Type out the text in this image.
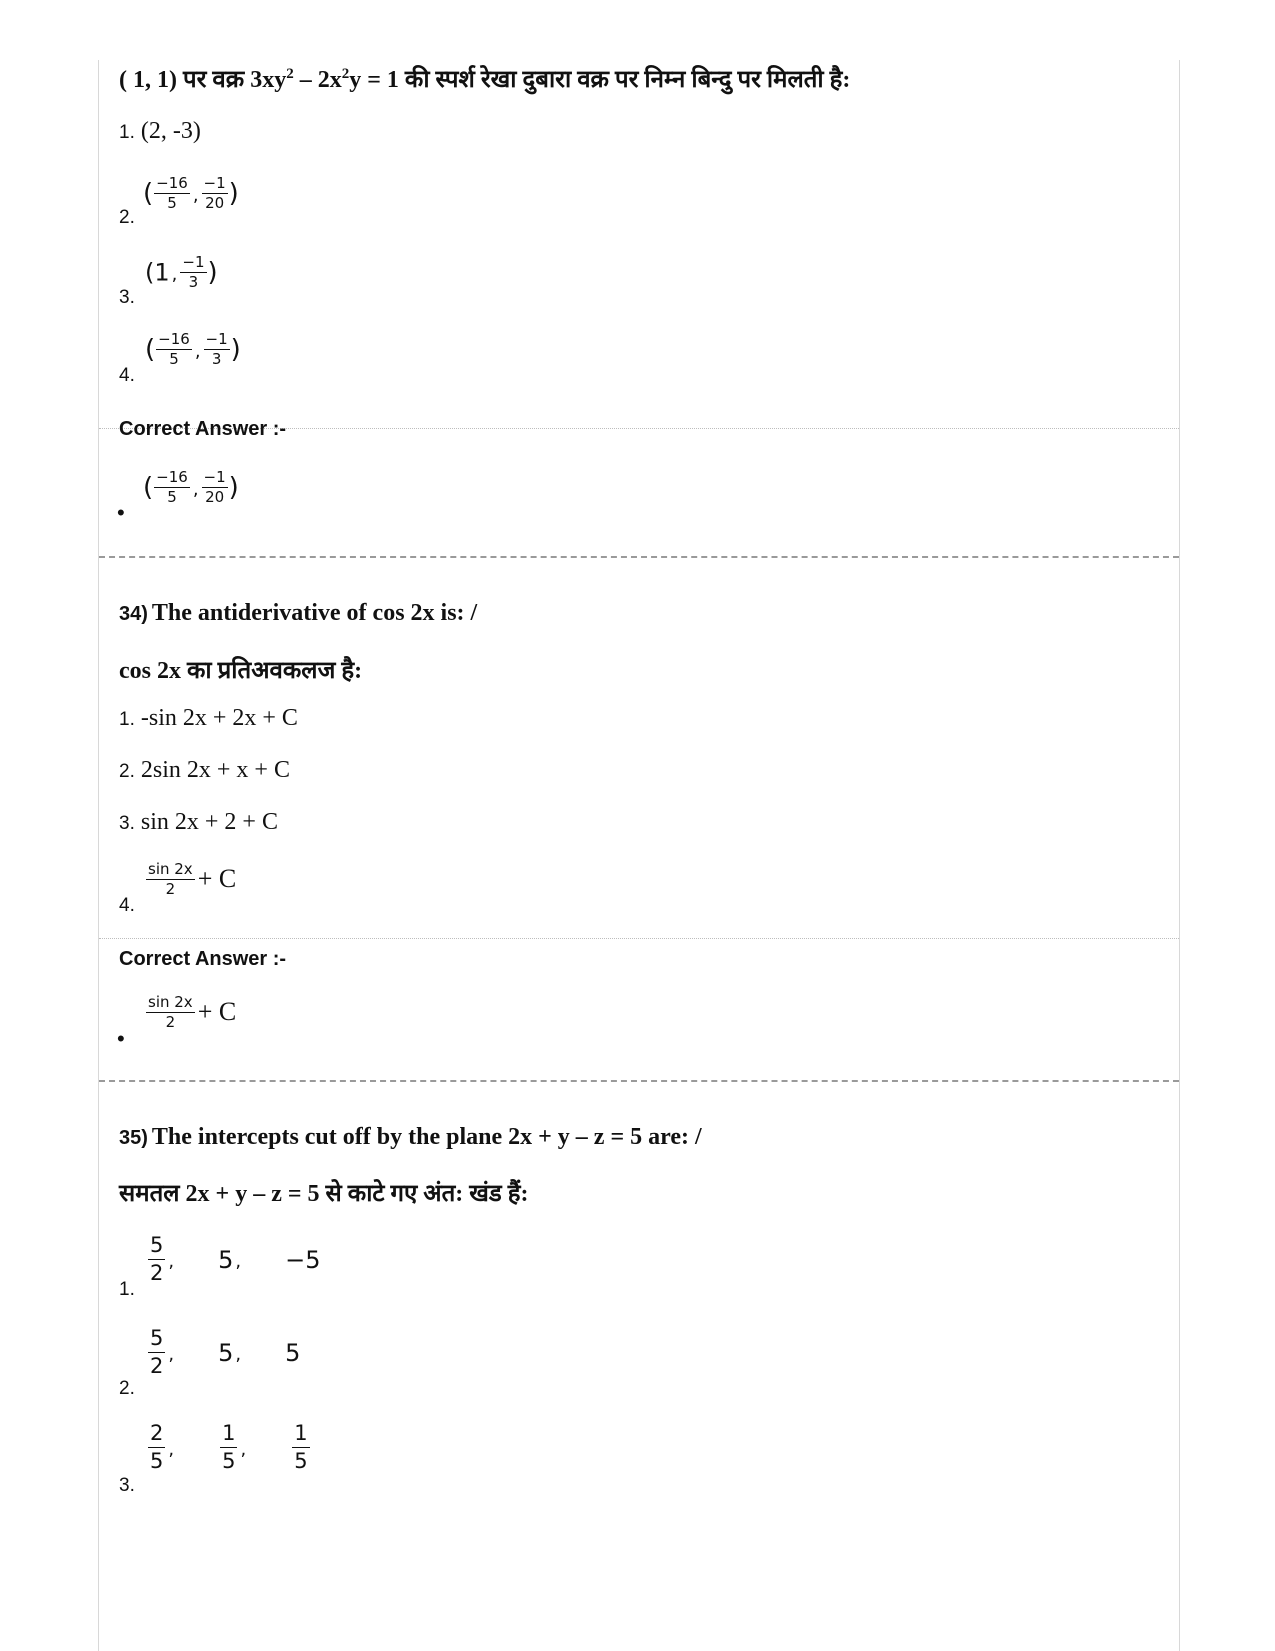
( 1, 1) पर वक्र $3xy^2 - 2x^2y = 1$ की स्पर्श रेखा दुबारा वक्र पर निम्न बिन्दु पर मिलती है:
1. (2, -3)
2.
( $\frac{-16}{5}$ , $\frac{-1}{20}$ )
3.
(1 , $\frac{-1}{3}$ )
4.
( $\frac{-16}{5}$ , $\frac{-1}{3}$ )
Correct Answer :-
•
( $\frac{-16}{5}$ , $\frac{-1}{20}$ )
34) The antiderivative of cos 2x is: /
cos 2x का प्रतिअवकलज है:
1. -sin 2x + 2x + C
2. 2sin 2x + x + C
3. sin 2x + 2 + C
4.
$\frac{\sin 2x}{2} + C$
Correct Answer :-
•
$\frac{\sin 2x}{2} + C$
35) The intercepts cut off by the plane 2x + y – z = 5 are: /
समतल 2x + y – z = 5 से काटे गए अंत: खंड हैं:
1.
$\frac{5}{2}$ , 5 , −5
2.
$\frac{5}{2}$ , 5 , 5
3.
$\frac{2}{5}$ , $\frac{1}{5}$ , $\frac{1}{5}$
